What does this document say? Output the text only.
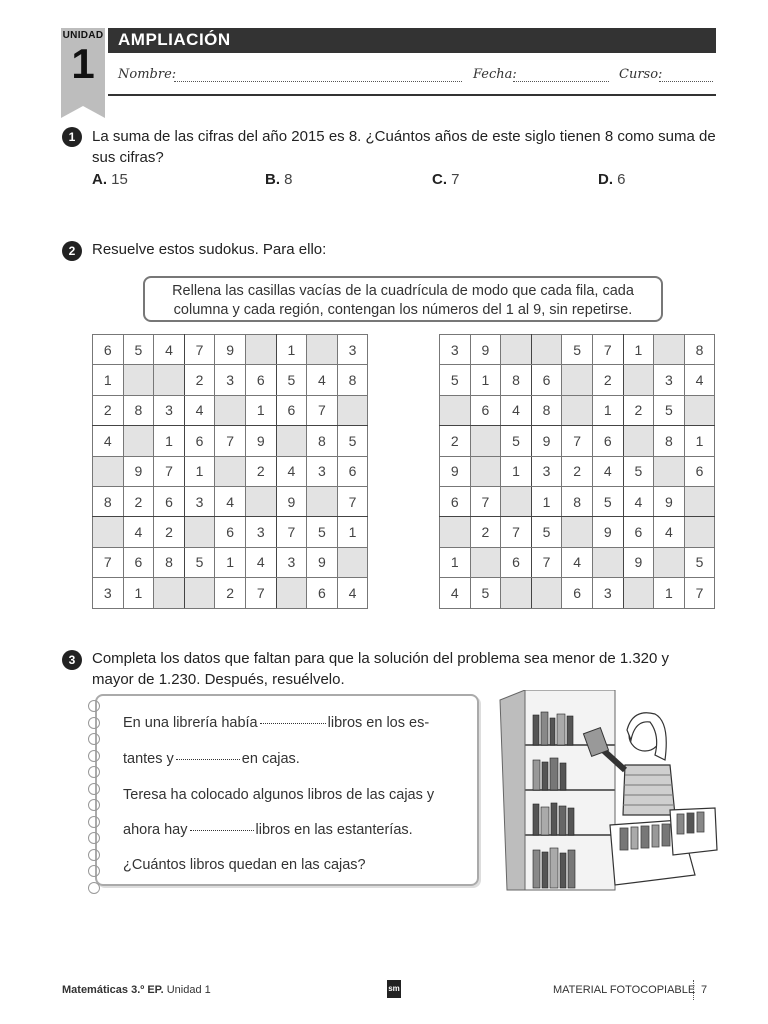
UNIDAD
1
AMPLIACIÓN
Nombre:	Fecha:	Curso:
1	La suma de las cifras del año 2015 es 8. ¿Cuántos años de este siglo tienen 8 como suma de sus cifras?
A. 15	B. 8	C. 7	D. 6
2	Resuelve estos sudokus. Para ello:
Rellena las casillas vacías de la cuadrícula de modo que cada fila, cada
columna y cada región, contengan los números del 1 al 9, sin repetirse.
6	5	4	7	9		1		3
1			2	3	6	5	4	8
2	8	3	4		1	6	7	
4		1	6	7	9		8	5
	9	7	1		2	4	3	6
8	2	6	3	4		9		7
	4	2		6	3	7	5	1
7	6	8	5	1	4	3	9	
3	1			2	7		6	4
3	9			5	7	1		8
5	1	8	6		2		3	4
	6	4	8		1	2	5	
2		5	9	7	6		8	1
9		1	3	2	4	5		6
6	7		1	8	5	4	9	
	2	7	5		9	6	4	
1		6	7	4		9		5
4	5			6	3		1	7
3	Completa los datos que faltan para que la solución del problema sea menor de 1.320 y
mayor de 1.230. Después, resuélvelo.
En una librería había	libros en los es-
tantes y	en cajas.
Teresa ha colocado algunos libros de las cajas y
ahora hay	libros en las estanterías.
¿Cuántos libros quedan en las cajas?
Matemáticas 3.º EP. Unidad 1	sm	MATERIAL FOTOCOPIABLE 7
